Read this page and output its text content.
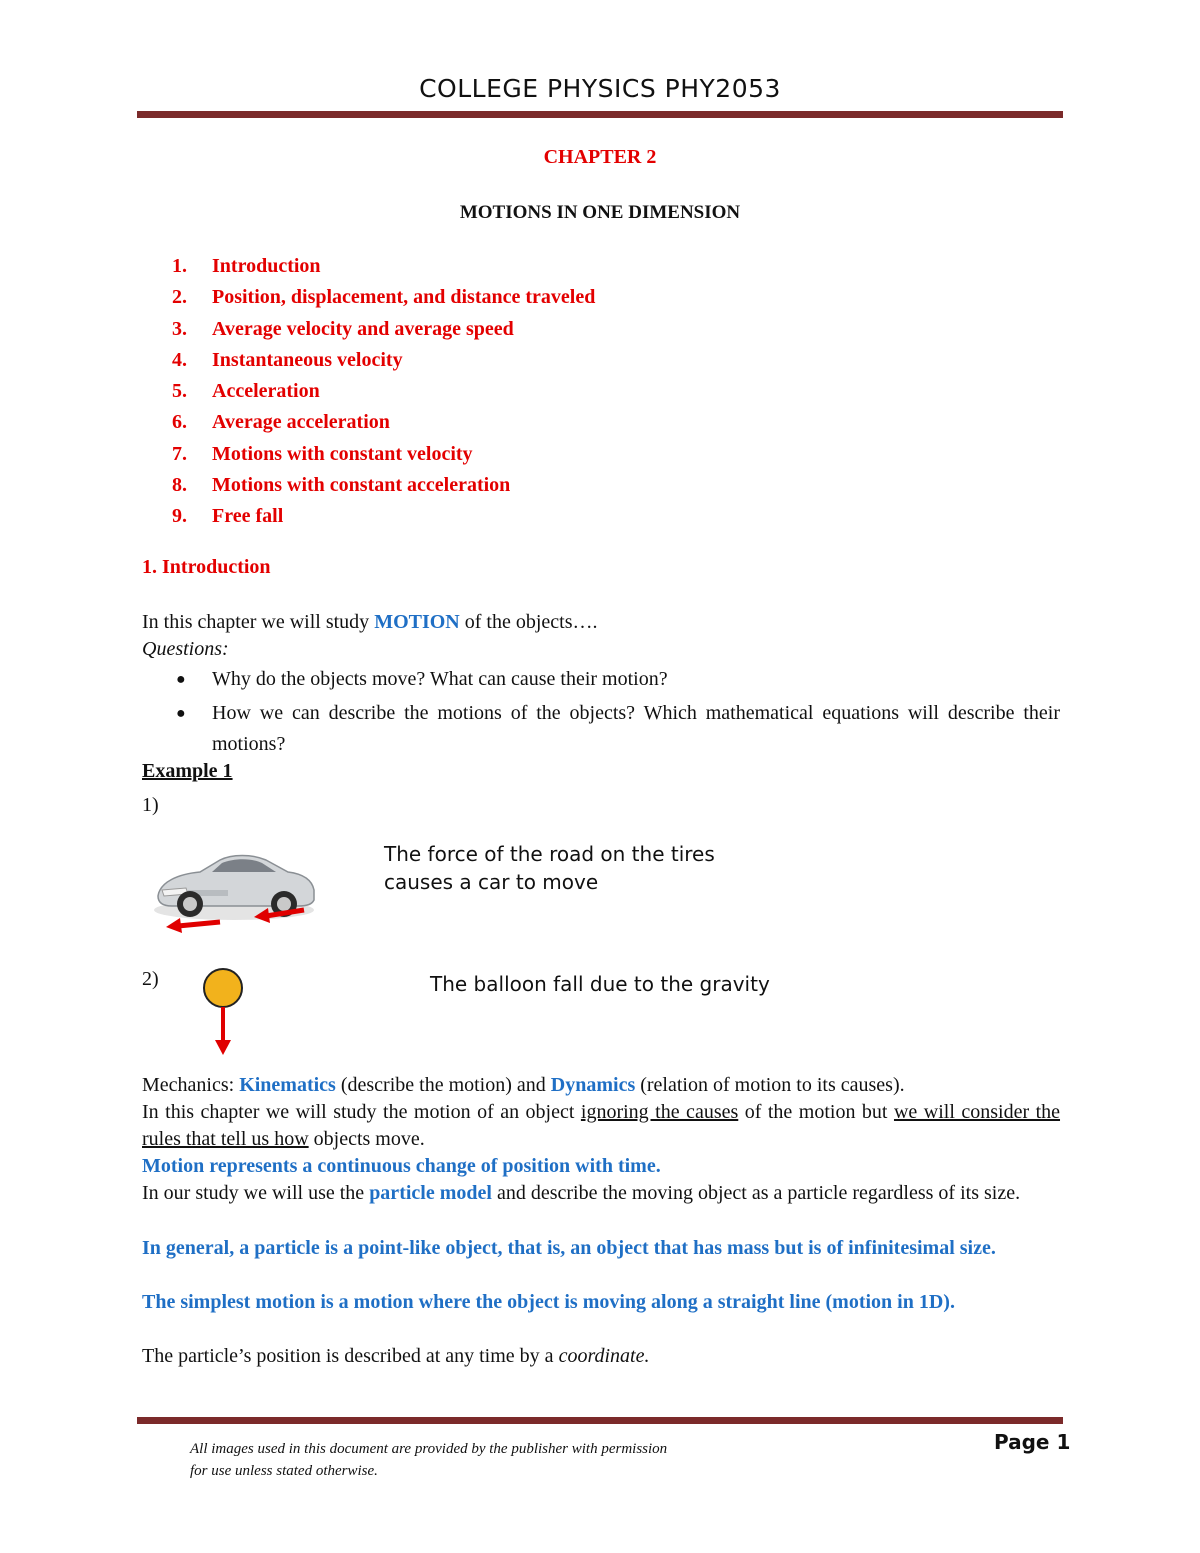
COLLEGE PHYSICS PHY2053
CHAPTER 2
MOTIONS IN ONE DIMENSION
1.	Introduction
2.	Position, displacement, and distance traveled
3.	Average velocity and average speed
4.	Instantaneous velocity
5.	Acceleration
6.	Average acceleration
7.	Motions with constant velocity
8.	Motions with constant acceleration
9.	Free fall
1. Introduction
In this chapter we will study MOTION of the objects….
Questions:
● Why do the objects move? What can cause their motion?
● How we can describe the motions of the objects? Which mathematical equations will describe their motions?
Example 1
1)
The force of the road on the tires
causes a car to move
2)	The balloon fall due to the gravity
Mechanics: Kinematics (describe the motion) and Dynamics (relation of motion to its causes).
In this chapter we will study the motion of an object ignoring the causes of the motion but we will consider the rules that tell us how objects move.
Motion represents a continuous change of position with time.
In our study we will use the particle model and describe the moving object as a particle regardless of its size.
In general, a particle is a point-like object, that is, an object that has mass but is of infinitesimal size.
The simplest motion is a motion where the object is moving along a straight line (motion in 1D).
The particle’s position is described at any time by a coordinate.
All images used in this document are provided by the publisher with permission
for use unless stated otherwise.
Page 1
